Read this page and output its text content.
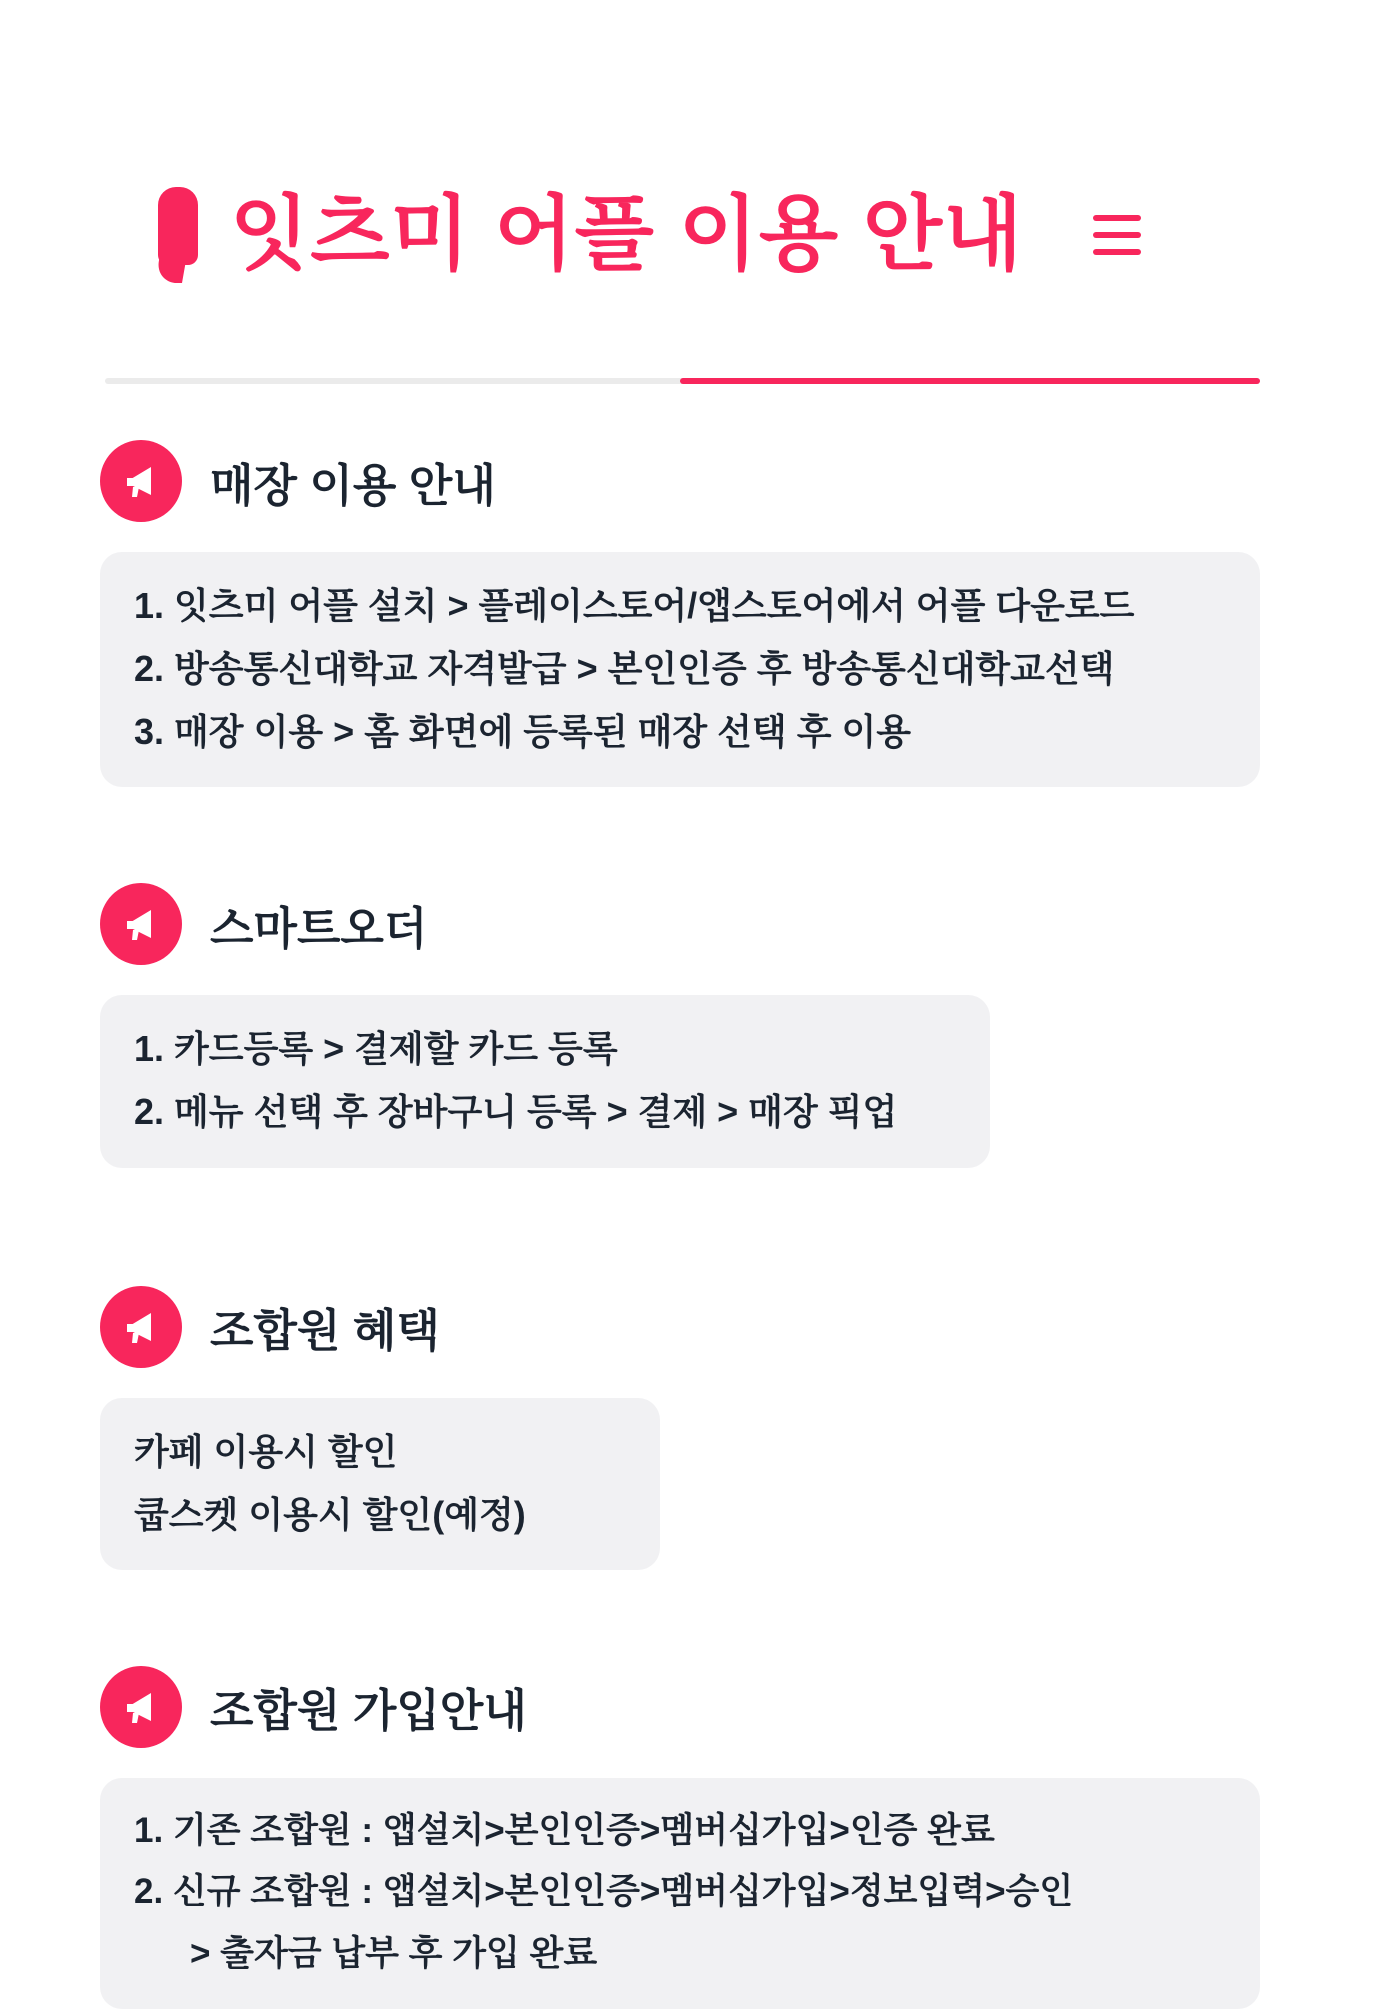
잇츠미 어플 이용 안내
매장 이용 안내

1. 잇츠미 어플 설치 > 플레이스토어/앱스토어에서 어플 다운로드

2. 방송통신대학교 자격발급 > 본인인증 후 방송통신대학교선택

3. 매장 이용 > 홈 화면에 등록된 매장 선택 후 이용

스마트오더

1. 카드등록 > 결제할 카드 등록

2. 메뉴 선택 후 장바구니 등록 > 결제 > 매장 픽업

조합원 혜택

카페 이용시 할인

쿱스켓 이용시 할인(예정)

조합원 가입안내

1. 기존 조합원 : 앱설치>본인인증>멤버십가입>인증 완료

2. 신규 조합원 : 앱설치>본인인증>멤버십가입>정보입력>승인

> 출자금 납부 후 가입 완료
